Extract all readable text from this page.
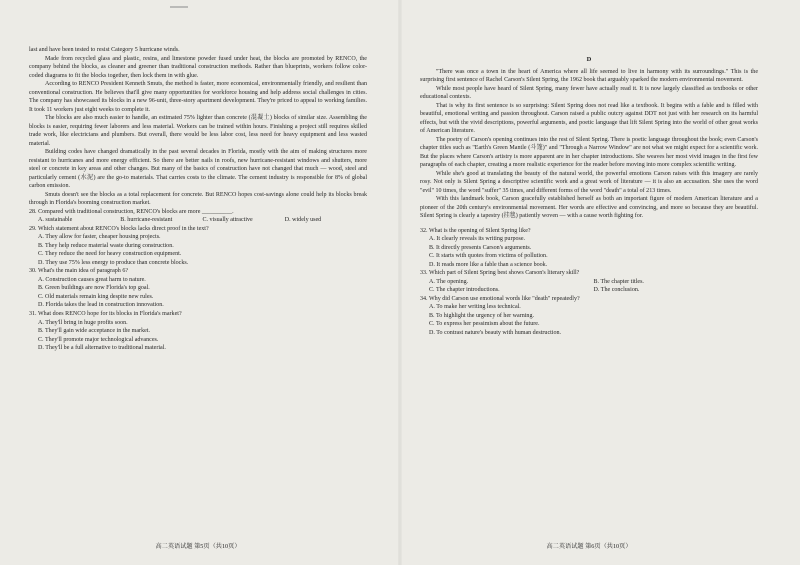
last and have been tested to resist Category 5 hurricane winds.

Made from recycled glass and plastic, resins, and limestone powder fused under heat, the blocks are promoted by RENCO, the company behind the blocks, as cleaner and greener than traditional construction methods. Rather than blueprints, workers follow color-coded diagrams to fit the blocks together, then lock them in with glue.

According to RENCO President Kenneth Smuts, the method is faster, more economical, environmentally friendly, and resilient than conventional construction. He believes that'll give many opportunities for workforce housing and help address social challenges in cities. The company has showcased its blocks in a new 96-unit, three-story apartment development. They're priced to appeal to working families. It took 11 workers just eight weeks to complete it.

The blocks are also much easier to handle, an estimated 75% lighter than concrete (混凝土) blocks of similar size. Assembling the blocks is easier, requiring fewer laborers and less material. Workers can be trained within hours. Finishing a project still requires skilled trade work, like electricians and plumbers. But overall, there would be less labor cost, less need for heavy equipment and less wasted material.

Building codes have changed dramatically in the past several decades in Florida, mostly with the aim of making structures more resistant to hurricanes and more energy efficient. So there are better nails in roofs, new hurricane-resistant windows and shutters, more steel or concrete in key areas and other changes. But many of the basics of construction have not changed that much — wood, steel and particularly cement (水泥) are the go-to materials. That carries costs to the climate. The cement industry is responsible for 8% of global carbon emission.

Smuts doesn't see the blocks as a total replacement for concrete. But RENCO hopes cost-savings alone could help its blocks break through in Florida's booming construction market.

28. Compared with traditional construction, RENCO's blocks are more __________.
A. sustainable	B. hurricane-resistant	C. visually attractive	D. widely used
29. Which statement about RENCO's blocks lacks direct proof in the text?
A. They allow for faster, cheaper housing projects.
B. They help reduce material waste during construction.
C. They reduce the need for heavy construction equipment.
D. They use 75% less energy to produce than concrete blocks.
30. What's the main idea of paragraph 6?
A. Construction causes great harm to nature.
B. Green buildings are now Florida's top goal.
C. Old materials remain king despite new rules.
D. Florida takes the lead in construction innovation.
31. What does RENCO hope for its blocks in Florida's market?
A. They'll bring in huge profits soon.
B. They'll gain wide acceptance in the market.
C. They'll promote major technological advances.
D. They'll be a full alternative to traditional material.
高二英语试题 第5页（共10页）
D

"There was once a town in the heart of America where all life seemed to live in harmony with its surroundings." This is the surprising first sentence of Rachel Carson's Silent Spring, the 1962 book that arguably sparked the modern environmental movement.

While most people have heard of Silent Spring, many fewer have actually read it. It is now largely classified as textbooks or other educational contexts.

That is why its first sentence is so surprising: Silent Spring does not read like a textbook. It begins with a fable and is filled with beautiful, emotional writing and passion throughout. Carson raised a public outcry against DDT not just with her research on its harmful effects, but with the vivid descriptions, powerful arguments, and poetic language that lift Silent Spring into the world of other great works of American literature.

The poetry of Carson's opening continues into the rest of Silent Spring. There is poetic language throughout the book; even Carson's chapter titles such as "Earth's Green Mantle (斗篷)" and "Through a Narrow Window" are not what we might expect for a scientific work. But the places where Carson's artistry is more apparent are in her chapter introductions. She weaves her most vivid images in the first few paragraphs of each chapter, creating a more realistic experience for the reader before moving into more complex scientific writing.

While she's good at translating the beauty of the natural world, the powerful emotions Carson raises with this imagery are rarely rosy. Not only is Silent Spring a descriptive scientific work and a great work of literature — it is also an accusation. She uses the word "evil" 10 times, the word "suffer" 35 times, and different forms of the word "death" a total of 213 times.

With this landmark book, Carson gracefully established herself as both an important figure of modern American literature and a pioneer of the 20th century's environmental movement. Her words are effective and convincing, and more so because they are beautiful. Silent Spring is clearly a tapestry (挂毯) patiently woven — with a cause worth fighting for.

32. What is the opening of Silent Spring like?
A. It clearly reveals its writing purpose.
B. It directly presents Carson's arguments.
C. It starts with quotes from victims of pollution.
D. It reads more like a fable than a science book.
33. Which part of Silent Spring best shows Carson's literary skill?
A. The opening.	B. The chapter titles.
C. The chapter introductions.	D. The conclusion.
34. Why did Carson use emotional words like "death" repeatedly?
A. To make her writing less technical.
B. To highlight the urgency of her warning.
C. To express her pessimism about the future.
D. To contrast nature's beauty with human destruction.
高二英语试题 第6页（共10页）
